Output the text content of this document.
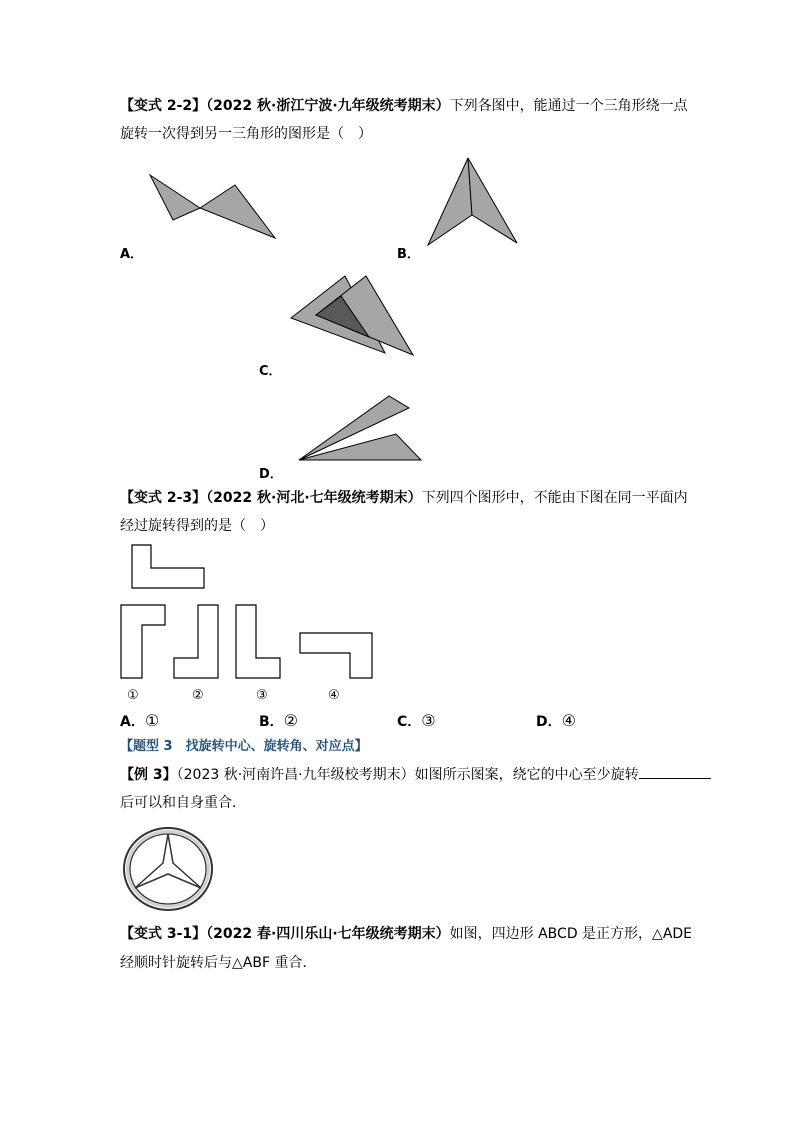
【变式 2-2】（2022 秋·浙江宁波·九年级统考期末）下列各图中，能通过一个三角形绕一点
旋转一次得到另一三角形的图形是（　）
A．	B．
C．
D．
【变式 2-3】（2022 秋·河北·七年级统考期末）下列四个图形中，不能由下图在同一平面内
经过旋转得到的是（　）
①	②	③	④
A．①	B．②	C．③	D．④
【题型 3　找旋转中心、旋转角、对应点】
【例 3】（2023 秋·河南许昌·九年级校考期末）如图所示图案，绕它的中心至少旋转
后可以和自身重合．
【变式 3-1】（2022 春·四川乐山·七年级统考期末）如图，四边形 ABCD 是正方形，△ADE
经顺时针旋转后与△ABF 重合．
